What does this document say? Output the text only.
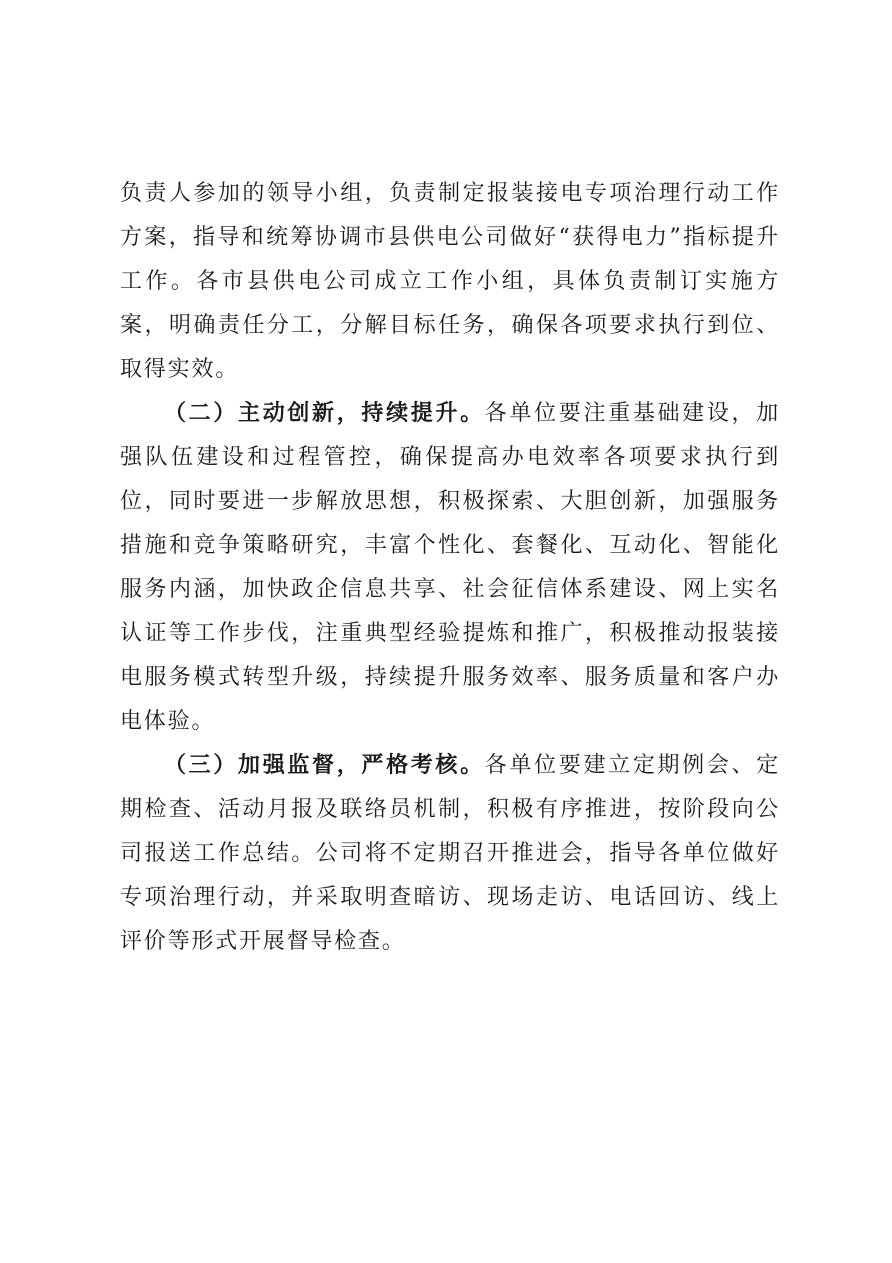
负责人参加的领导小组，负责制定报装接电专项治理行动工作方案，指导和统筹协调市县供电公司做好“获得电力”指标提升工作。各市县供电公司成立工作小组，具体负责制订实施方案，明确责任分工，分解目标任务，确保各项要求执行到位、取得实效。

（二）主动创新，持续提升。各单位要注重基础建设，加强队伍建设和过程管控，确保提高办电效率各项要求执行到位，同时要进一步解放思想，积极探索、大胆创新，加强服务措施和竞争策略研究，丰富个性化、套餐化、互动化、智能化服务内涵，加快政企信息共享、社会征信体系建设、网上实名认证等工作步伐，注重典型经验提炼和推广，积极推动报装接电服务模式转型升级，持续提升服务效率、服务质量和客户办电体验。

（三）加强监督，严格考核。各单位要建立定期例会、定期检查、活动月报及联络员机制，积极有序推进，按阶段向公司报送工作总结。公司将不定期召开推进会，指导各单位做好专项治理行动，并采取明查暗访、现场走访、电话回访、线上评价等形式开展督导检查。
